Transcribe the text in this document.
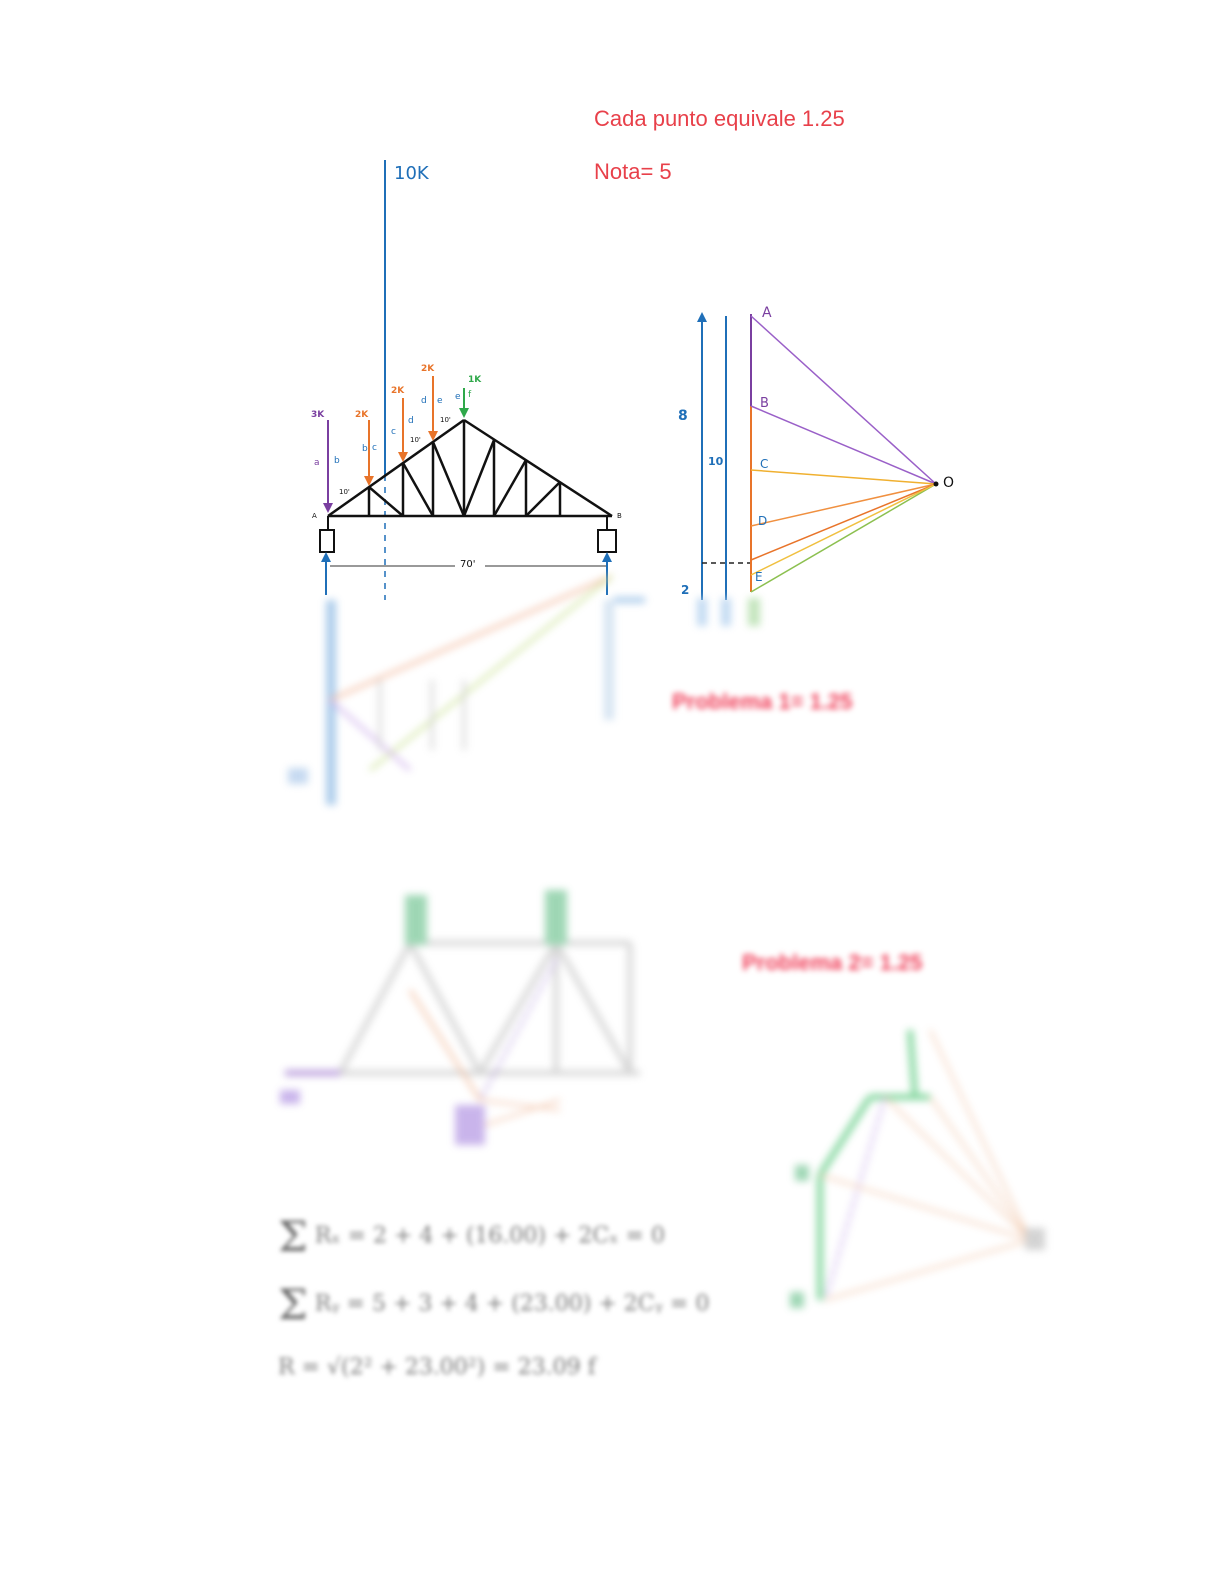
Cada punto equivale 1.25
Nota= 5
10K
3K	2K
2K
2K
1K
a b
b c
c
d
d e e f
10'
10'
10'
70'
A	B
A
B
C
D
E
O
8
10
2
Problema 1= 1.25
Problema 2= 1.25
Σ Rₓ = 2 + 4 + (16.00) + 2Cₓ = 0
Σ Rᵧ = 5 + 3 + 4 + (23.00) + 2Cᵧ = 0
R = √(2² + 23.00²) = 23.09 f
